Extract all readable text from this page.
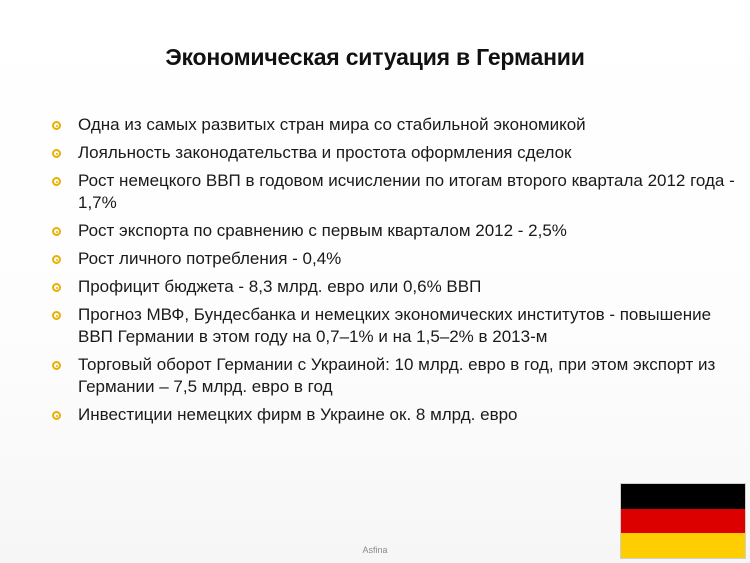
Экономическая ситуация в Германии
Одна из самых развитых стран мира со стабильной экономикой
Лояльность законодательства и простота оформления сделок
Рост немецкого ВВП в годовом исчислении по итогам второго квартала 2012 года - 1,7%
Рост экспорта по сравнению с первым кварталом 2012 - 2,5%
Рост личного потребления - 0,4%
Профицит бюджета - 8,3 млрд. евро или 0,6% ВВП
Прогноз МВФ, Бундесбанка и немецких экономических институтов - повышение ВВП Германии в этом году на 0,7–1% и на 1,5–2% в 2013-м
Торговый оборот Германии с Украиной: 10 млрд. евро в год, при этом экспорт из Германии – 7,5 млрд. евро в год
Инвестиции немецких фирм в Украине ок. 8 млрд. евро
Asfina
